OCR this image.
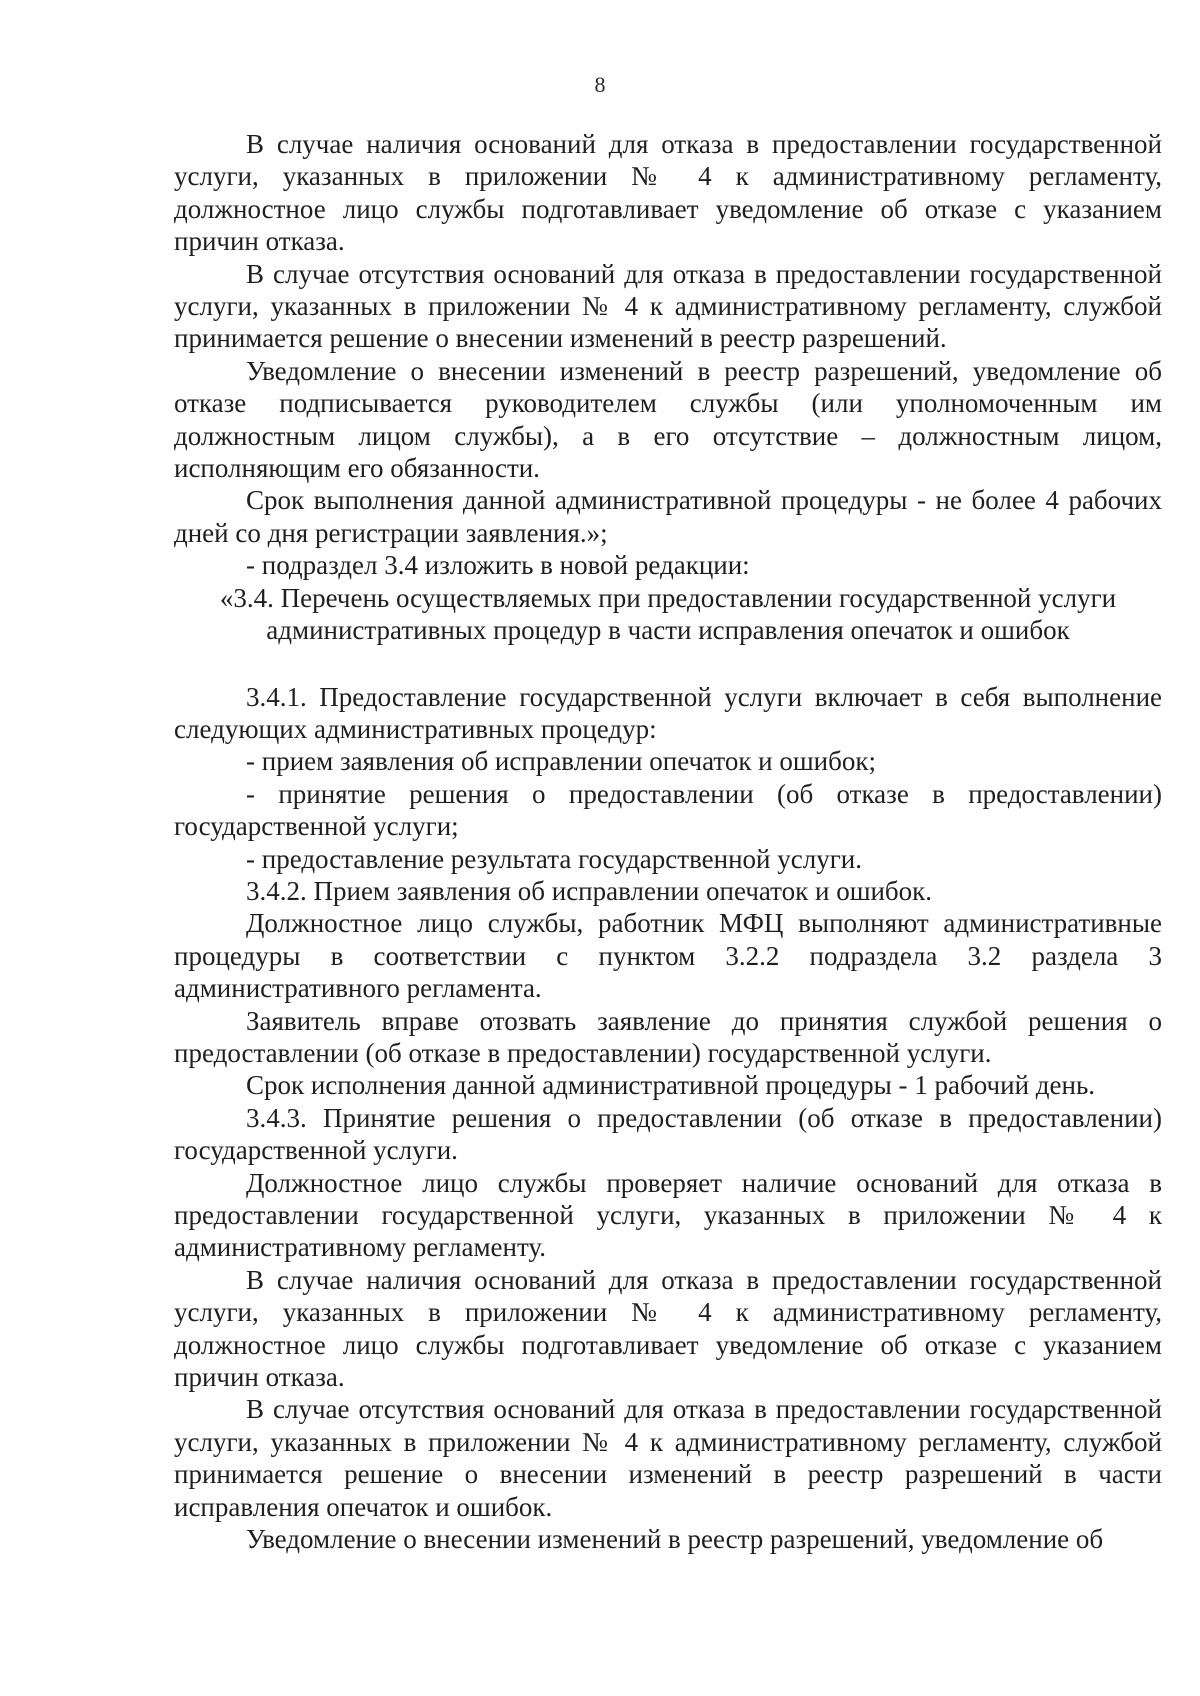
8

В случае наличия оснований для отказа в предоставлении государственной услуги, указанных в приложении № 4 к административному регламенту, должностное лицо службы подготавливает уведомление об отказе с указанием причин отказа.

В случае отсутствия оснований для отказа в предоставлении государственной услуги, указанных в приложении № 4 к административному регламенту, службой принимается решение о внесении изменений в реестр разрешений.

Уведомление о внесении изменений в реестр разрешений, уведомление об отказе подписывается руководителем службы (или уполномоченным им должностным лицом службы), а в его отсутствие – должностным лицом, исполняющим его обязанности.

Срок выполнения данной административной процедуры - не более 4 рабочих дней со дня регистрации заявления.»;

- подраздел 3.4 изложить в новой редакции:

«3.4. Перечень осуществляемых при предоставлении государственной услуги административных процедур в части исправления опечаток и ошибок

3.4.1. Предоставление государственной услуги включает в себя выполнение следующих административных процедур:

- прием заявления об исправлении опечаток и ошибок;

- принятие решения о предоставлении (об отказе в предоставлении) государственной услуги;

- предоставление результата государственной услуги.

3.4.2. Прием заявления об исправлении опечаток и ошибок.

Должностное лицо службы, работник МФЦ выполняют административные процедуры в соответствии с пунктом 3.2.2 подраздела 3.2 раздела 3 административного регламента.

Заявитель вправе отозвать заявление до принятия службой решения о предоставлении (об отказе в предоставлении) государственной услуги.

Срок исполнения данной административной процедуры - 1 рабочий день.

3.4.3. Принятие решения о предоставлении (об отказе в предоставлении) государственной услуги.

Должностное лицо службы проверяет наличие оснований для отказа в предоставлении государственной услуги, указанных в приложении № 4 к административному регламенту.

В случае наличия оснований для отказа в предоставлении государственной услуги, указанных в приложении № 4 к административному регламенту, должностное лицо службы подготавливает уведомление об отказе с указанием причин отказа.

В случае отсутствия оснований для отказа в предоставлении государственной услуги, указанных в приложении № 4 к административному регламенту, службой принимается решение о внесении изменений в реестр разрешений в части исправления опечаток и ошибок.

Уведомление о внесении изменений в реестр разрешений, уведомление об
